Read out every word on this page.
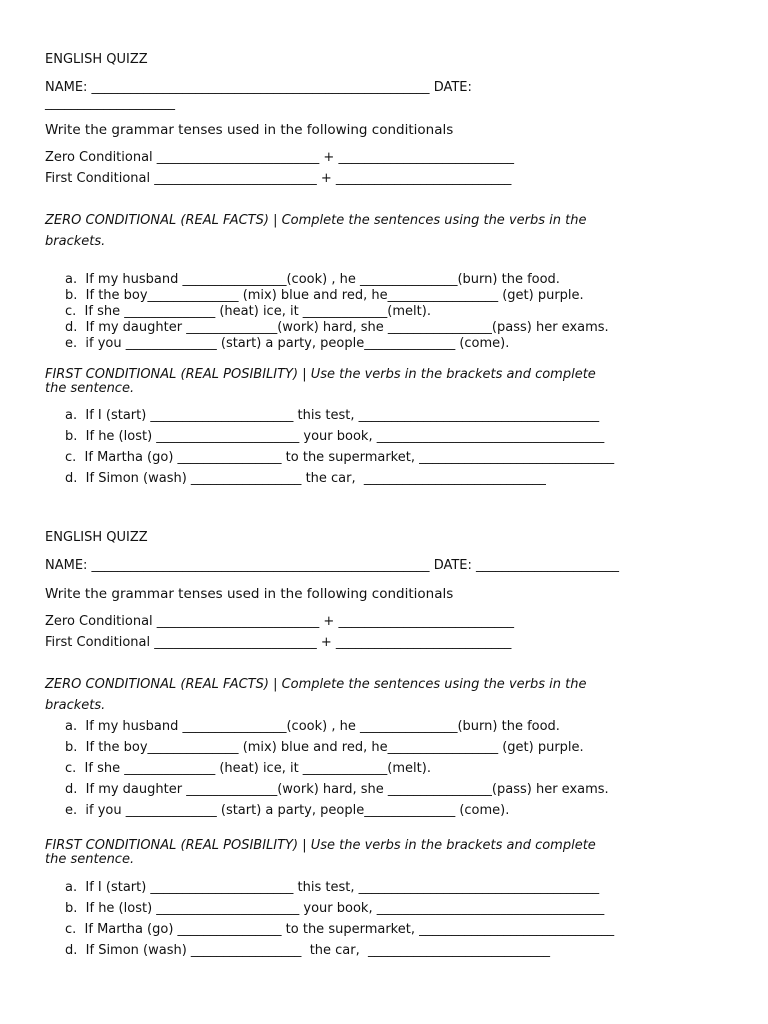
ENGLISH QUIZZ
NAME: ____________________________________________________ DATE:
____________________
Write the grammar tenses used in the following conditionals
Zero Conditional _________________________ + ___________________________
First Conditional _________________________ + ___________________________
ZERO CONDITIONAL (REAL FACTS) | Complete the sentences using the verbs in the
brackets.
a.  If my husband ________________(cook) , he _______________(burn) the food.
b.  If the boy______________ (mix) blue and red, he_________________ (get) purple.
c.  If she ______________ (heat) ice, it _____________(melt).
d.  If my daughter ______________(work) hard, she ________________(pass) her exams.
e.  if you ______________ (start) a party, people______________ (come).
FIRST CONDITIONAL (REAL POSIBILITY) | Use the verbs in the brackets and complete
the sentence.
a.  If I (start) ______________________ this test, _____________________________________
b.  If he (lost) ______________________ your book, ___________________________________
c.  If Martha (go) ________________ to the supermarket, ______________________________
d.  If Simon (wash) _________________ the car,  ____________________________
ENGLISH QUIZZ
NAME: ____________________________________________________ DATE: ______________________
Write the grammar tenses used in the following conditionals
Zero Conditional _________________________ + ___________________________
First Conditional _________________________ + ___________________________
ZERO CONDITIONAL (REAL FACTS) | Complete the sentences using the verbs in the
brackets.
a.  If my husband ________________(cook) , he _______________(burn) the food.
b.  If the boy______________ (mix) blue and red, he_________________ (get) purple.
c.  If she ______________ (heat) ice, it _____________(melt).
d.  If my daughter ______________(work) hard, she ________________(pass) her exams.
e.  if you ______________ (start) a party, people______________ (come).
FIRST CONDITIONAL (REAL POSIBILITY) | Use the verbs in the brackets and complete
the sentence.
a.  If I (start) ______________________ this test, _____________________________________
b.  If he (lost) ______________________ your book, ___________________________________
c.  If Martha (go) ________________ to the supermarket, ______________________________
d.  If Simon (wash) _________________  the car,  ____________________________
